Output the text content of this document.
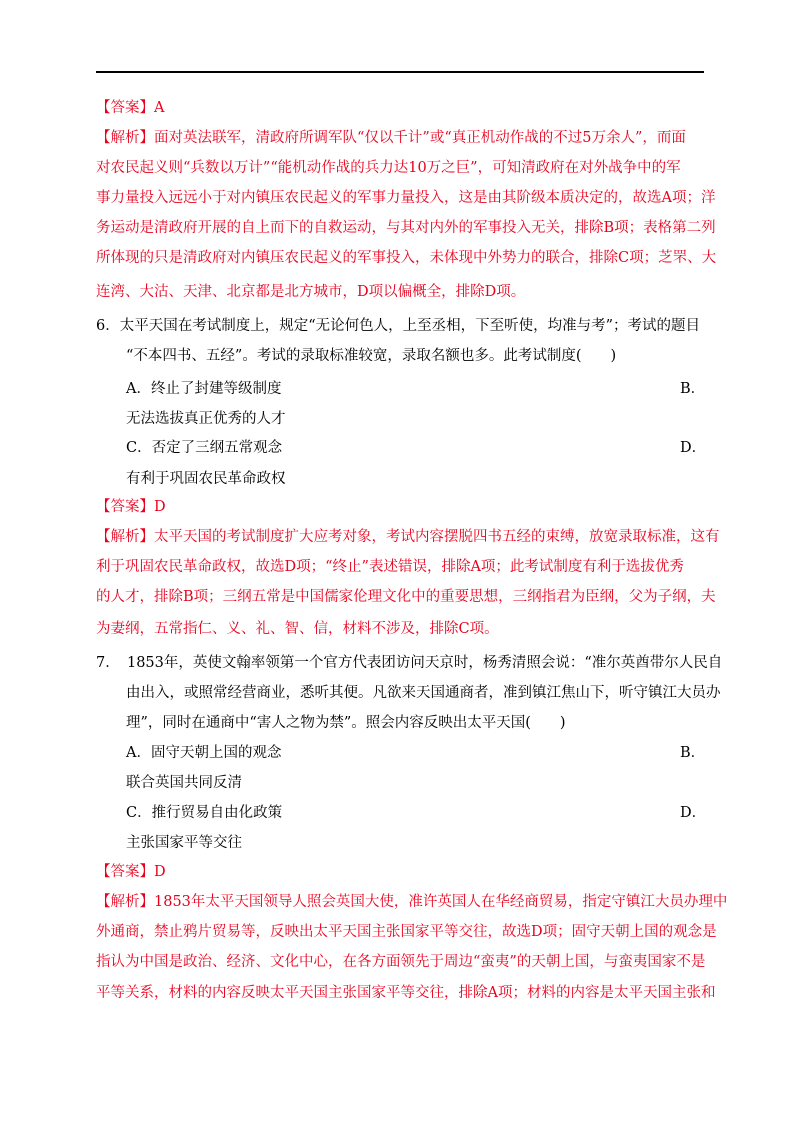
【答案】A
【解析】面对英法联军，清政府所调军队“仅以千计”或“真正机动作战的不过5万余人”，而面
对农民起义则“兵数以万计”“能机动作战的兵力达10万之巨”，可知清政府在对外战争中的军
事力量投入远远小于对内镇压农民起义的军事力量投入，这是由其阶级本质决定的，故选A项；洋
务运动是清政府开展的自上而下的自救运动，与其对内外的军事投入无关，排除B项；表格第二列
所体现的只是清政府对内镇压农民起义的军事投入，未体现中外势力的联合，排除C项；芝罘、大
连湾、大沽、天津、北京都是北方城市，D项以偏概全，排除D项。
6．太平天国在考试制度上，规定“无论何色人，上至丞相，下至听使，均准与考”；考试的题目
“不本四书、五经”。考试的录取标准较宽，录取名额也多。此考试制度(　　)
A．终止了封建等级制度	B．
无法选拔真正优秀的人才
C．否定了三纲五常观念	D．
有利于巩固农民革命政权
【答案】D
【解析】太平天国的考试制度扩大应考对象，考试内容摆脱四书五经的束缚，放宽录取标准，这有
利于巩固农民革命政权，故选D项；“终止”表述错误，排除A项；此考试制度有利于选拔优秀
的人才，排除B项；三纲五常是中国儒家伦理文化中的重要思想，三纲指君为臣纲，父为子纲，夫
为妻纲，五常指仁、义、礼、智、信，材料不涉及，排除C项。
7．　1853年，英使文翰率领第一个官方代表团访问天京时，杨秀清照会说：“准尔英酋带尔人民自
由出入，或照常经营商业，悉听其便。凡欲来天国通商者，准到镇江焦山下，听守镇江大员办
理”，同时在通商中“害人之物为禁”。照会内容反映出太平天国(　　)
A．固守天朝上国的观念	B．
联合英国共同反清
C．推行贸易自由化政策	D．
主张国家平等交往
【答案】D
【解析】1853年太平天国领导人照会英国大使，准许英国人在华经商贸易，指定守镇江大员办理中
外通商，禁止鸦片贸易等，反映出太平天国主张国家平等交往，故选D项；固守天朝上国的观念是
指认为中国是政治、经济、文化中心，在各方面领先于周边“蛮夷”的天朝上国，与蛮夷国家不是
平等关系，材料的内容反映太平天国主张国家平等交往，排除A项；材料的内容是太平天国主张和
